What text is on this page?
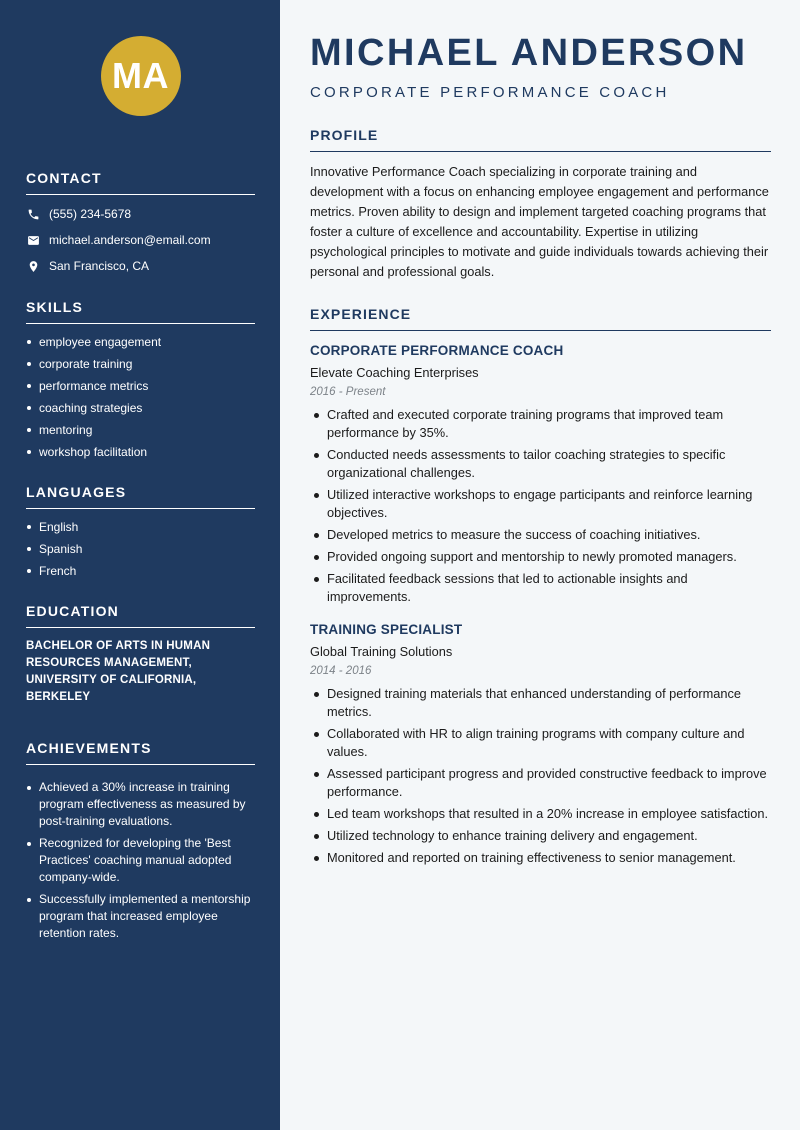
MA
CONTACT
(555) 234-5678
michael.anderson@email.com
San Francisco, CA
SKILLS
employee engagement
corporate training
performance metrics
coaching strategies
mentoring
workshop facilitation
LANGUAGES
English
Spanish
French
EDUCATION
BACHELOR OF ARTS IN HUMAN RESOURCES MANAGEMENT, UNIVERSITY OF CALIFORNIA, BERKELEY
ACHIEVEMENTS
Achieved a 30% increase in training program effectiveness as measured by post-training evaluations.
Recognized for developing the 'Best Practices' coaching manual adopted company-wide.
Successfully implemented a mentorship program that increased employee retention rates.
MICHAEL ANDERSON
CORPORATE PERFORMANCE COACH
PROFILE

Innovative Performance Coach specializing in corporate training and development with a focus on enhancing employee engagement and performance metrics. Proven ability to design and implement targeted coaching programs that foster a culture of excellence and accountability. Expertise in utilizing psychological principles to motivate and guide individuals towards achieving their personal and professional goals.

EXPERIENCE
CORPORATE PERFORMANCE COACH
Elevate Coaching Enterprises
2016 - Present
Crafted and executed corporate training programs that improved team performance by 35%.
Conducted needs assessments to tailor coaching strategies to specific organizational challenges.
Utilized interactive workshops to engage participants and reinforce learning objectives.
Developed metrics to measure the success of coaching initiatives.
Provided ongoing support and mentorship to newly promoted managers.
Facilitated feedback sessions that led to actionable insights and improvements.
TRAINING SPECIALIST
Global Training Solutions
2014 - 2016
Designed training materials that enhanced understanding of performance metrics.
Collaborated with HR to align training programs with company culture and values.
Assessed participant progress and provided constructive feedback to improve performance.
Led team workshops that resulted in a 20% increase in employee satisfaction.
Utilized technology to enhance training delivery and engagement.
Monitored and reported on training effectiveness to senior management.
